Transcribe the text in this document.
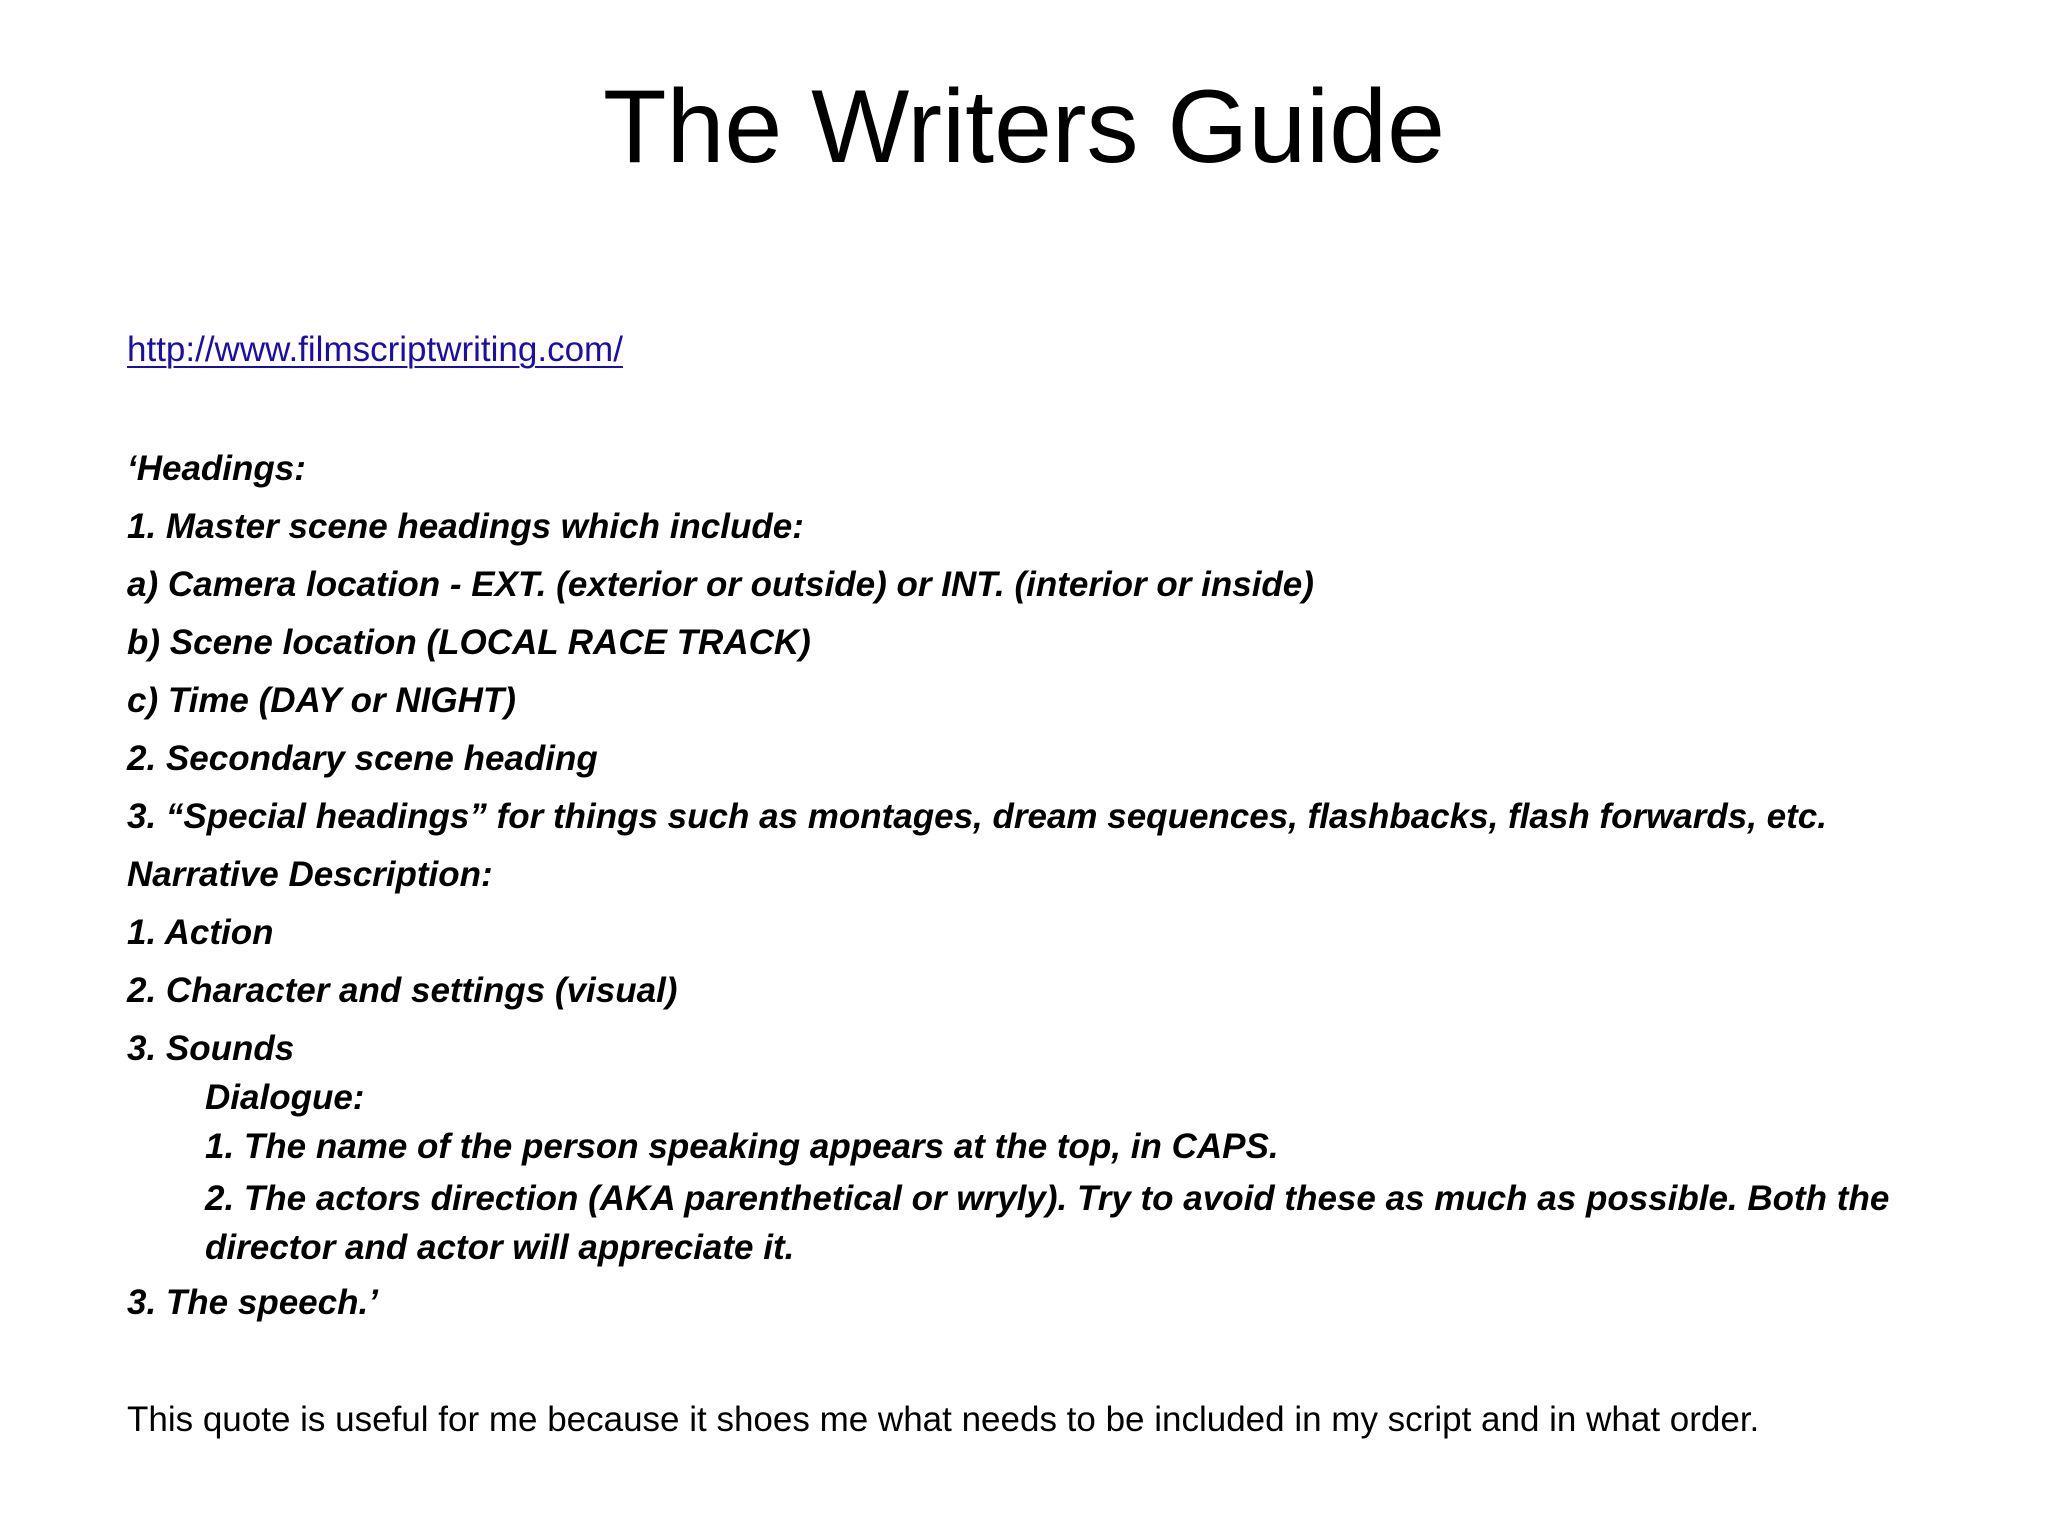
The Writers Guide
http://www.filmscriptwriting.com/
‘Headings:
1. Master scene headings which include:
a) Camera location - EXT. (exterior or outside) or INT. (interior or inside)
b) Scene location (LOCAL RACE TRACK)
c) Time (DAY or NIGHT)
2. Secondary scene heading
3. “Special headings” for things such as montages, dream sequences, flashbacks, flash forwards, etc.
Narrative Description:
1. Action
2. Character and settings (visual)
3. Sounds
Dialogue:
1. The name of the person speaking appears at the top, in CAPS.
2. The actors direction (AKA parenthetical or wryly). Try to avoid these as much as possible. Both the director and actor will appreciate it.
3. The speech.’
This quote is useful for me because it shoes me what needs to be included in my script and in what order.
